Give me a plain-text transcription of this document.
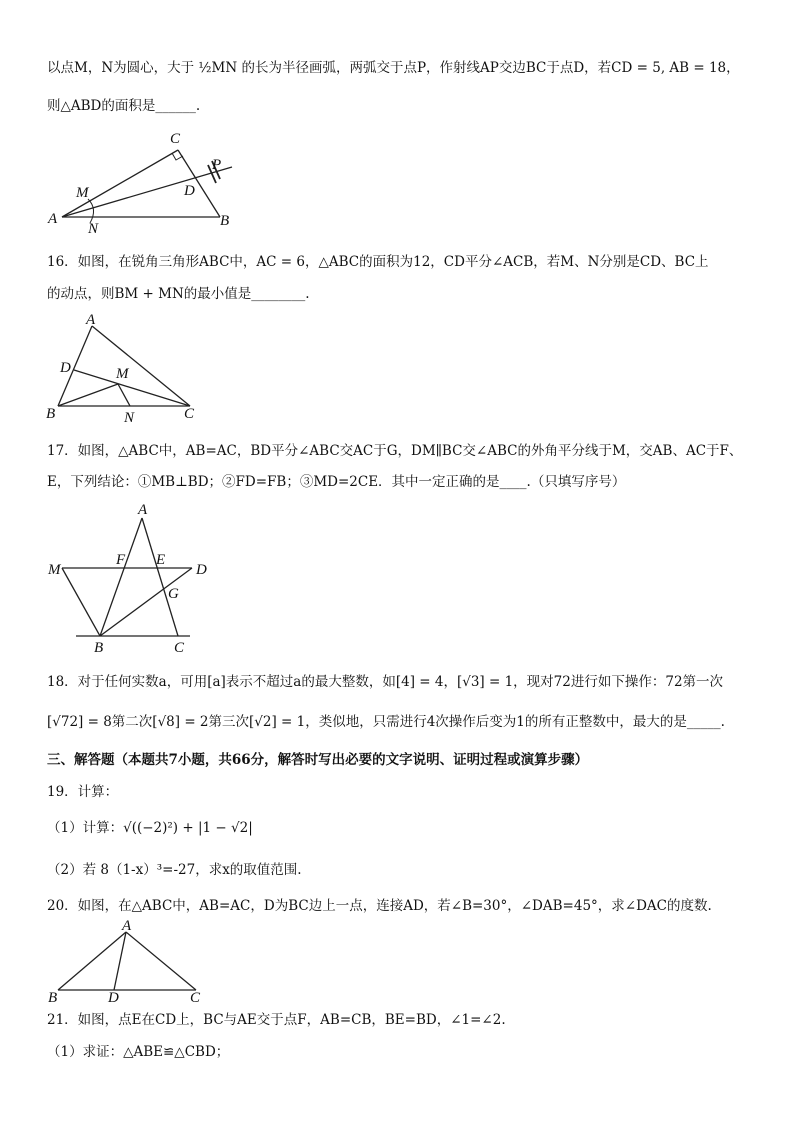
以点M，N为圆心，大于 ½MN 的长为半径画弧，两弧交于点P，作射线AP交边BC于点D，若CD = 5, AB = 18，
则△ABD的面积是______.
A	B
C
D
M
N
P
16．如图，在锐角三角形ABC中，AC = 6，△ABC的面积为12，CD平分∠ACB，若M、N分别是CD、BC上
的动点，则BM + MN的最小值是________.
A
B	C
D	M
N
17．如图，△ABC中，AB=AC，BD平分∠ABC交AC于G，DM∥BC交∠ABC的外角平分线于M，交AB、AC于F、
E，下列结论：①MB⊥BD；②FD=FB；③MD=2CE．其中一定正确的是____.（只填写序号）
A
B	C
D
E
F
G
M
18．对于任何实数a，可用[a]表示不超过a的最大整数，如[4] = 4，[√3] = 1，现对72进行如下操作：72第一次
[√72] = 8第二次[√8] = 2第三次[√2] = 1，类似地，只需进行4次操作后变为1的所有正整数中，最大的是_____.
三、解答题（本题共7小题，共66分，解答时写出必要的文字说明、证明过程或演算步骤）
19．计算：
（1）计算：√((−2)²) + |1 − √2|
（2）若 8（1-x）³=-27，求x的取值范围.
20．如图，在△ABC中，AB=AC，D为BC边上一点，连接AD，若∠B=30°，∠DAB=45°，求∠DAC的度数.
A
B	C
D
21．如图，点E在CD上，BC与AE交于点F，AB=CB，BE=BD，∠1=∠2.
（1）求证：△ABE≌△CBD；
